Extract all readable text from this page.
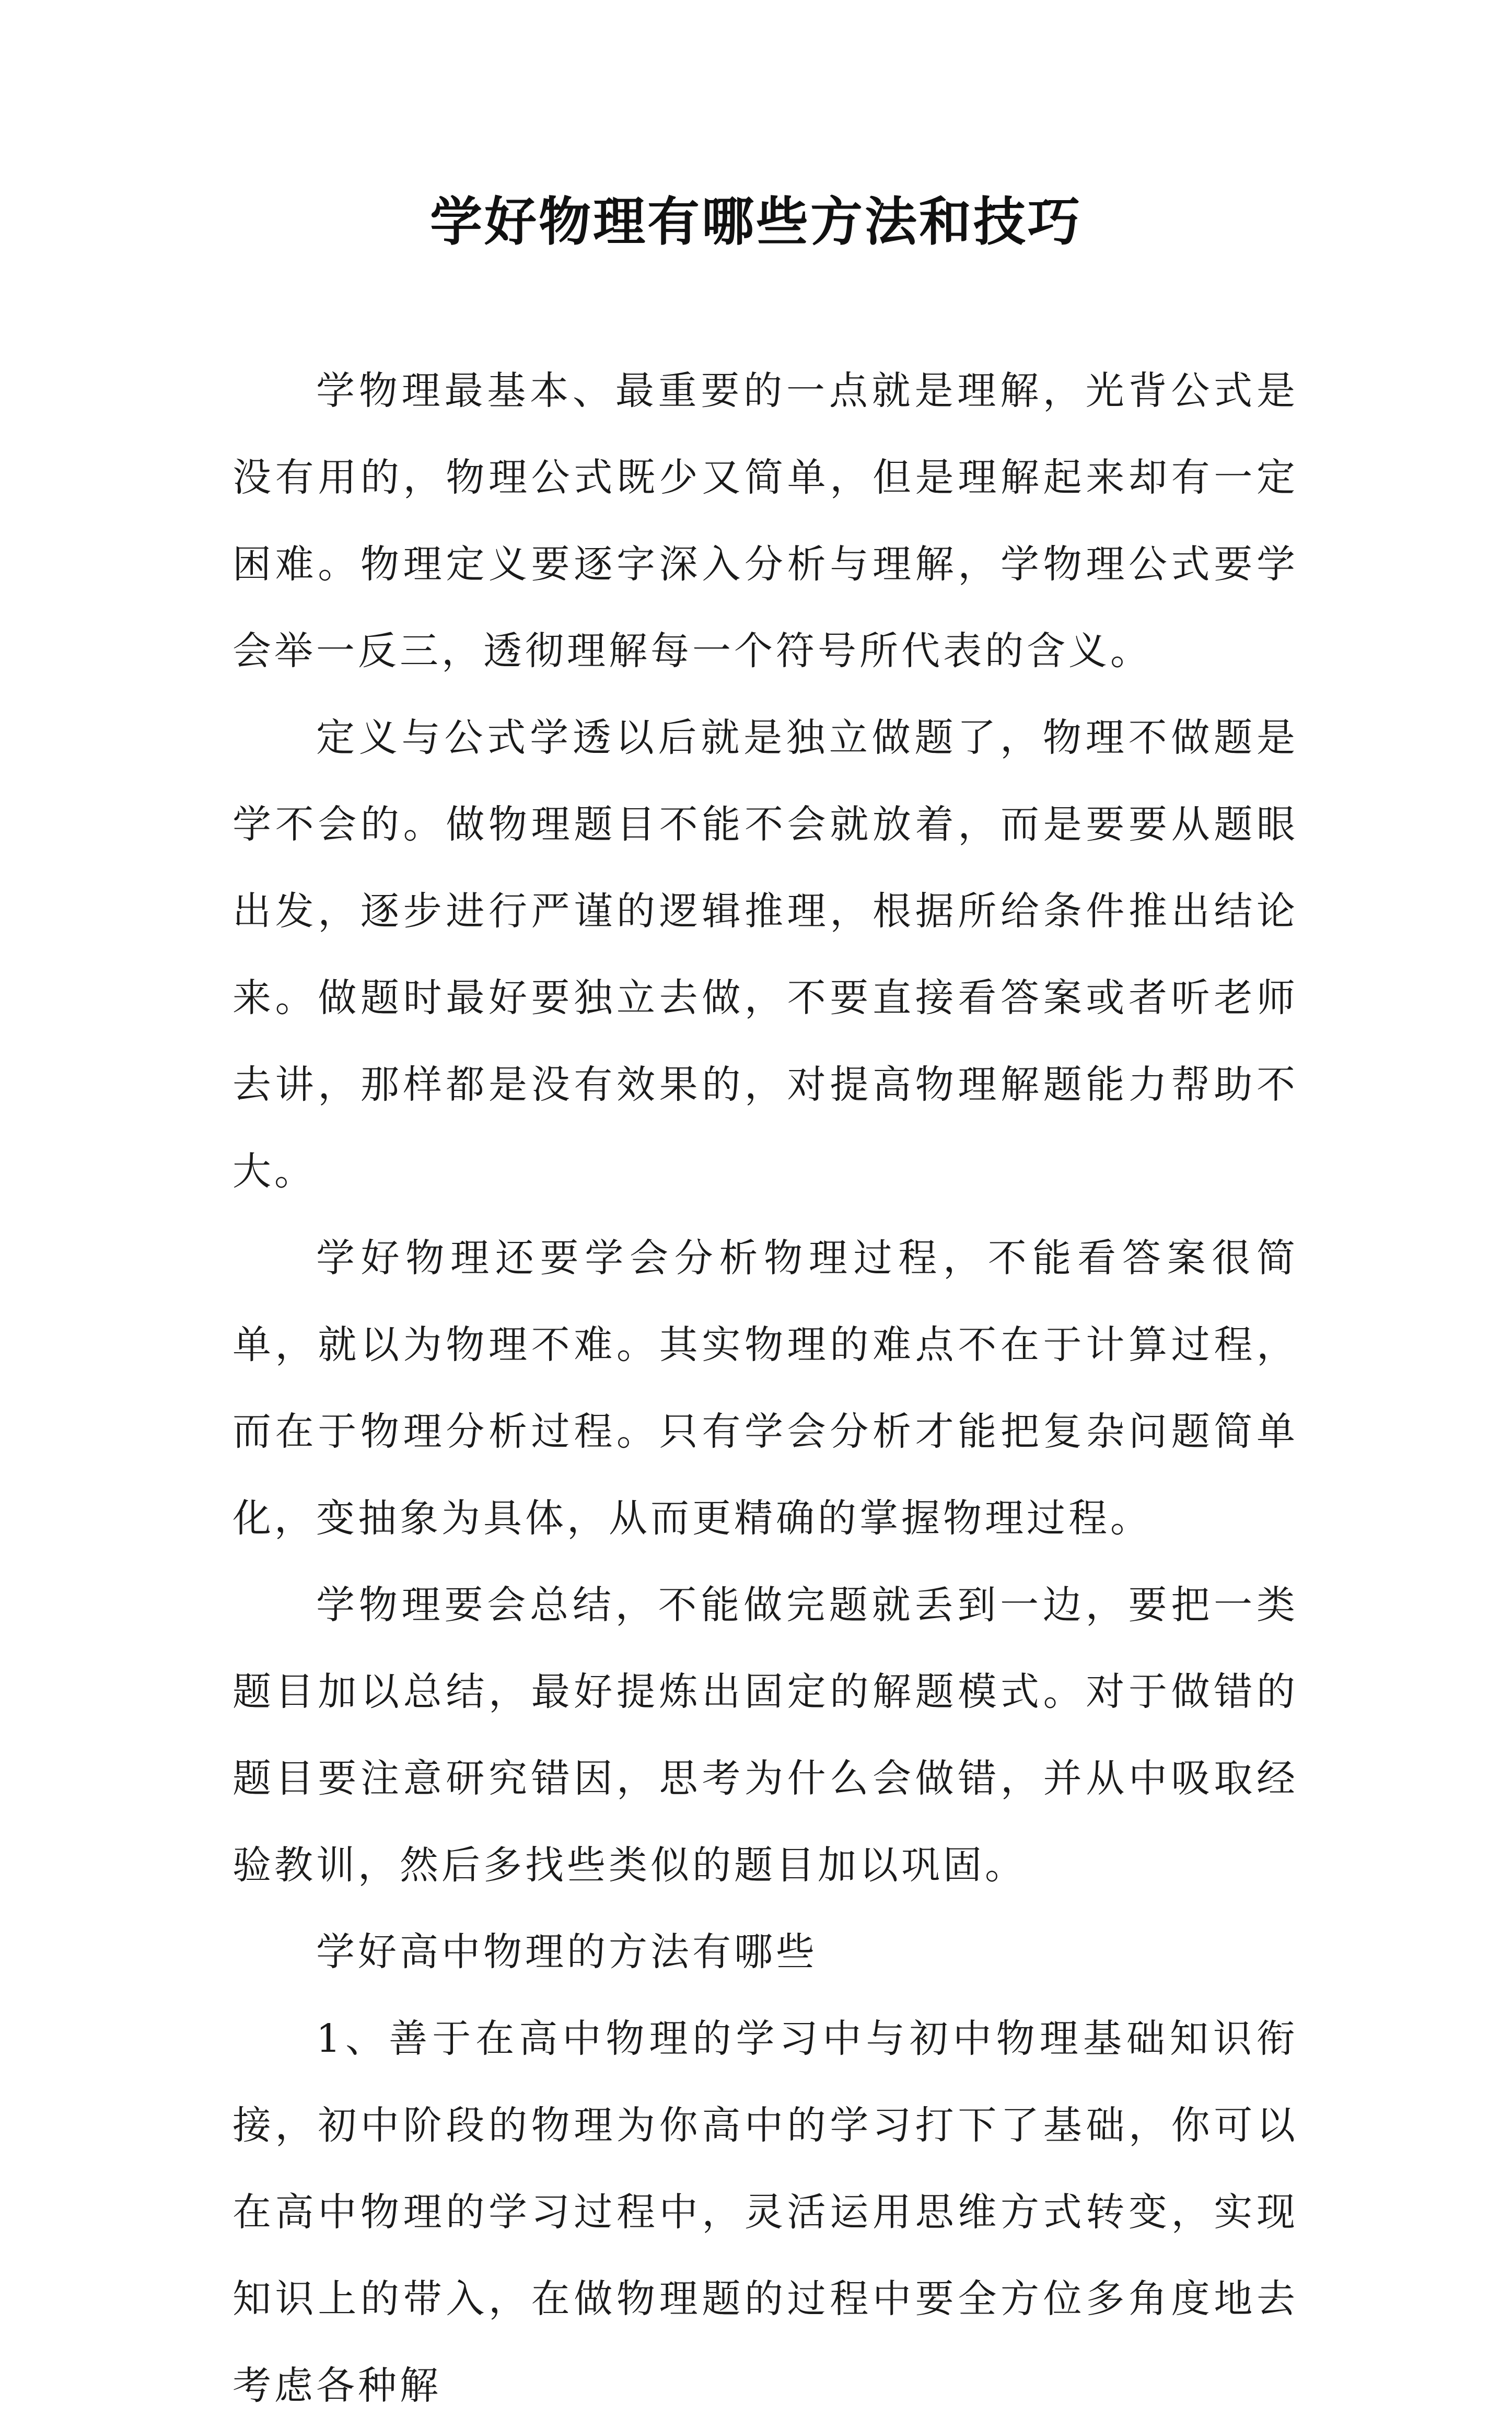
学好物理有哪些方法和技巧

学物理最基本、最重要的一点就是理解，光背公式是没有用的，物理公式既少又简单，但是理解起来却有一定困难。物理定义要逐字深入分析与理解，学物理公式要学会举一反三，透彻理解每一个符号所代表的含义。

定义与公式学透以后就是独立做题了，物理不做题是学不会的。做物理题目不能不会就放着，而是要要从题眼出发，逐步进行严谨的逻辑推理，根据所给条件推出结论来。做题时最好要独立去做，不要直接看答案或者听老师去讲，那样都是没有效果的，对提高物理解题能力帮助不大。

学好物理还要学会分析物理过程，不能看答案很简单，就以为物理不难。其实物理的难点不在于计算过程，而在于物理分析过程。只有学会分析才能把复杂问题简单化，变抽象为具体，从而更精确的掌握物理过程。

学物理要会总结，不能做完题就丢到一边，要把一类题目加以总结，最好提炼出固定的解题模式。对于做错的题目要注意研究错因，思考为什么会做错，并从中吸取经验教训，然后多找些类似的题目加以巩固。

学好高中物理的方法有哪些

1、善于在高中物理的学习中与初中物理基础知识衔接，初中阶段的物理为你高中的学习打下了基础，你可以在高中物理的学习过程中，灵活运用思维方式转变，实现知识上的带入，在做物理题的过程中要全方位多角度地去考虑各种解
